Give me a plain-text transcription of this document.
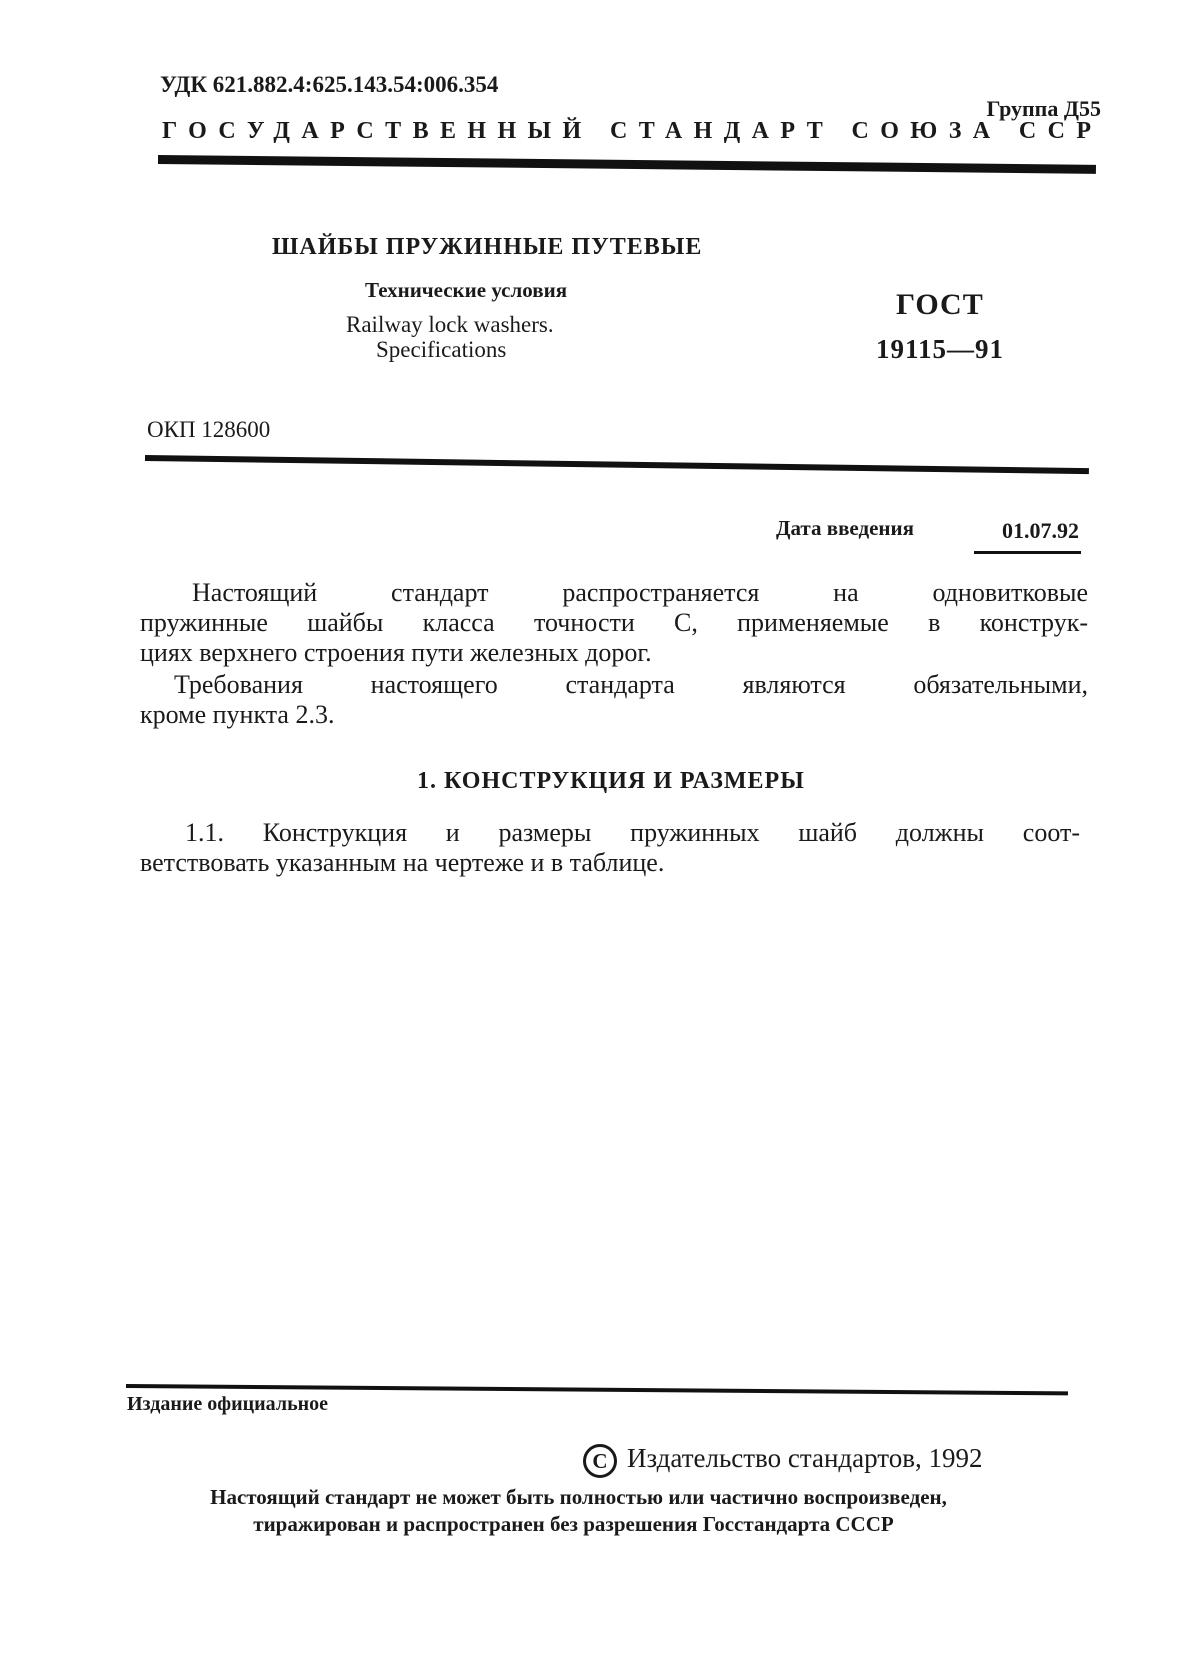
УДК 621.882.4:625.143.54:006.354
Группа Д55
ГОСУДАРСТВЕННЫЙ СТАНДАРТ СОЮЗА ССР
ШАЙБЫ ПРУЖИННЫЕ ПУТЕВЫЕ
Технические условия
Railway lock washers.
Specifications
ГОСТ
19115—91
ОКП 128600
Дата введения	01.07.92
Настоящий стандарт распространяется на одновитковые
пружинные шайбы класса точности С, применяемые в конструк-
циях верхнего строения пути железных дорог.
Требования настоящего стандарта являются обязательными,
кроме пункта 2.3.
1. КОНСТРУКЦИЯ И РАЗМЕРЫ
1.1. Конструкция и размеры пружинных шайб должны соот-
ветствовать указанным на чертеже и в таблице.
Издание официальное
C Издательство стандартов, 1992
Настоящий стандарт не может быть полностью или частично воспроизведен,
тиражирован и распространен без разрешения Госстандарта СССР
